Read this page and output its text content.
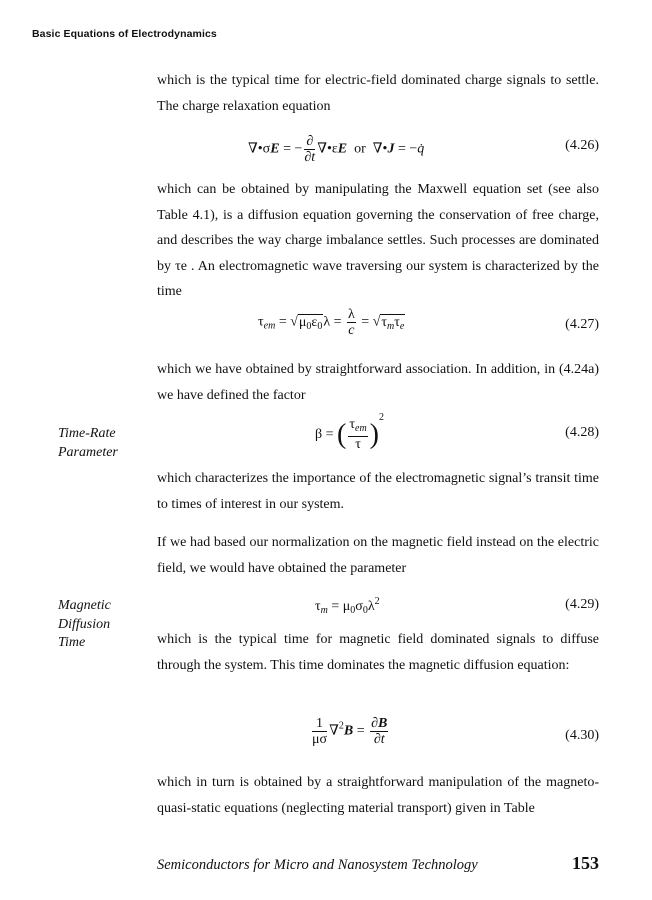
Basic Equations of Electrodynamics

which is the typical time for electric-field dominated charge signals to settle. The charge relaxation equation

∇•σE = − $\frac{\partial}{\partial t}$ ∇•εE or  ∇•J = −q̇	(4.26)

which can be obtained by manipulating the Maxwell equation set (see also Table 4.1), is a diffusion equation governing the conservation of free charge, and describes the way charge imbalance settles. Such processes are dominated by τe . An electromagnetic wave traversing our system is characterized by the time

$\tau_{em} = √\mu_0\varepsilon_0\lambda = \frac{\lambda}{c} = √\tau_m\tau_e$	(4.27)

which we have obtained by straightforward association. In addition, in (4.24a) we have defined the factor

Time-Rate
Parameter
β = ( $\frac{\tau_{em}}{\tau} )^2$
(4.28)

which characterizes the importance of the electromagnetic signal’s transit time to times of interest in our system.

If we had based our normalization on the magnetic field instead on the electric field, we would have obtained the parameter

Magnetic
Diffusion
Time
$\tau_m = \mu_0\sigma_0\lambda^2$	(4.29)

which is the typical time for magnetic field dominated signals to diffuse through the system. This time dominates the magnetic diffusion equation:

$\frac{1}{\mu\sigma} \nabla^2B = \frac{\partial B}{\partial t}$	(4.30)

which in turn is obtained by a straightforward manipulation of the magneto-quasi-static equations (neglecting material transport) given in Table

Semiconductors for Micro and Nanosystem Technology	153
